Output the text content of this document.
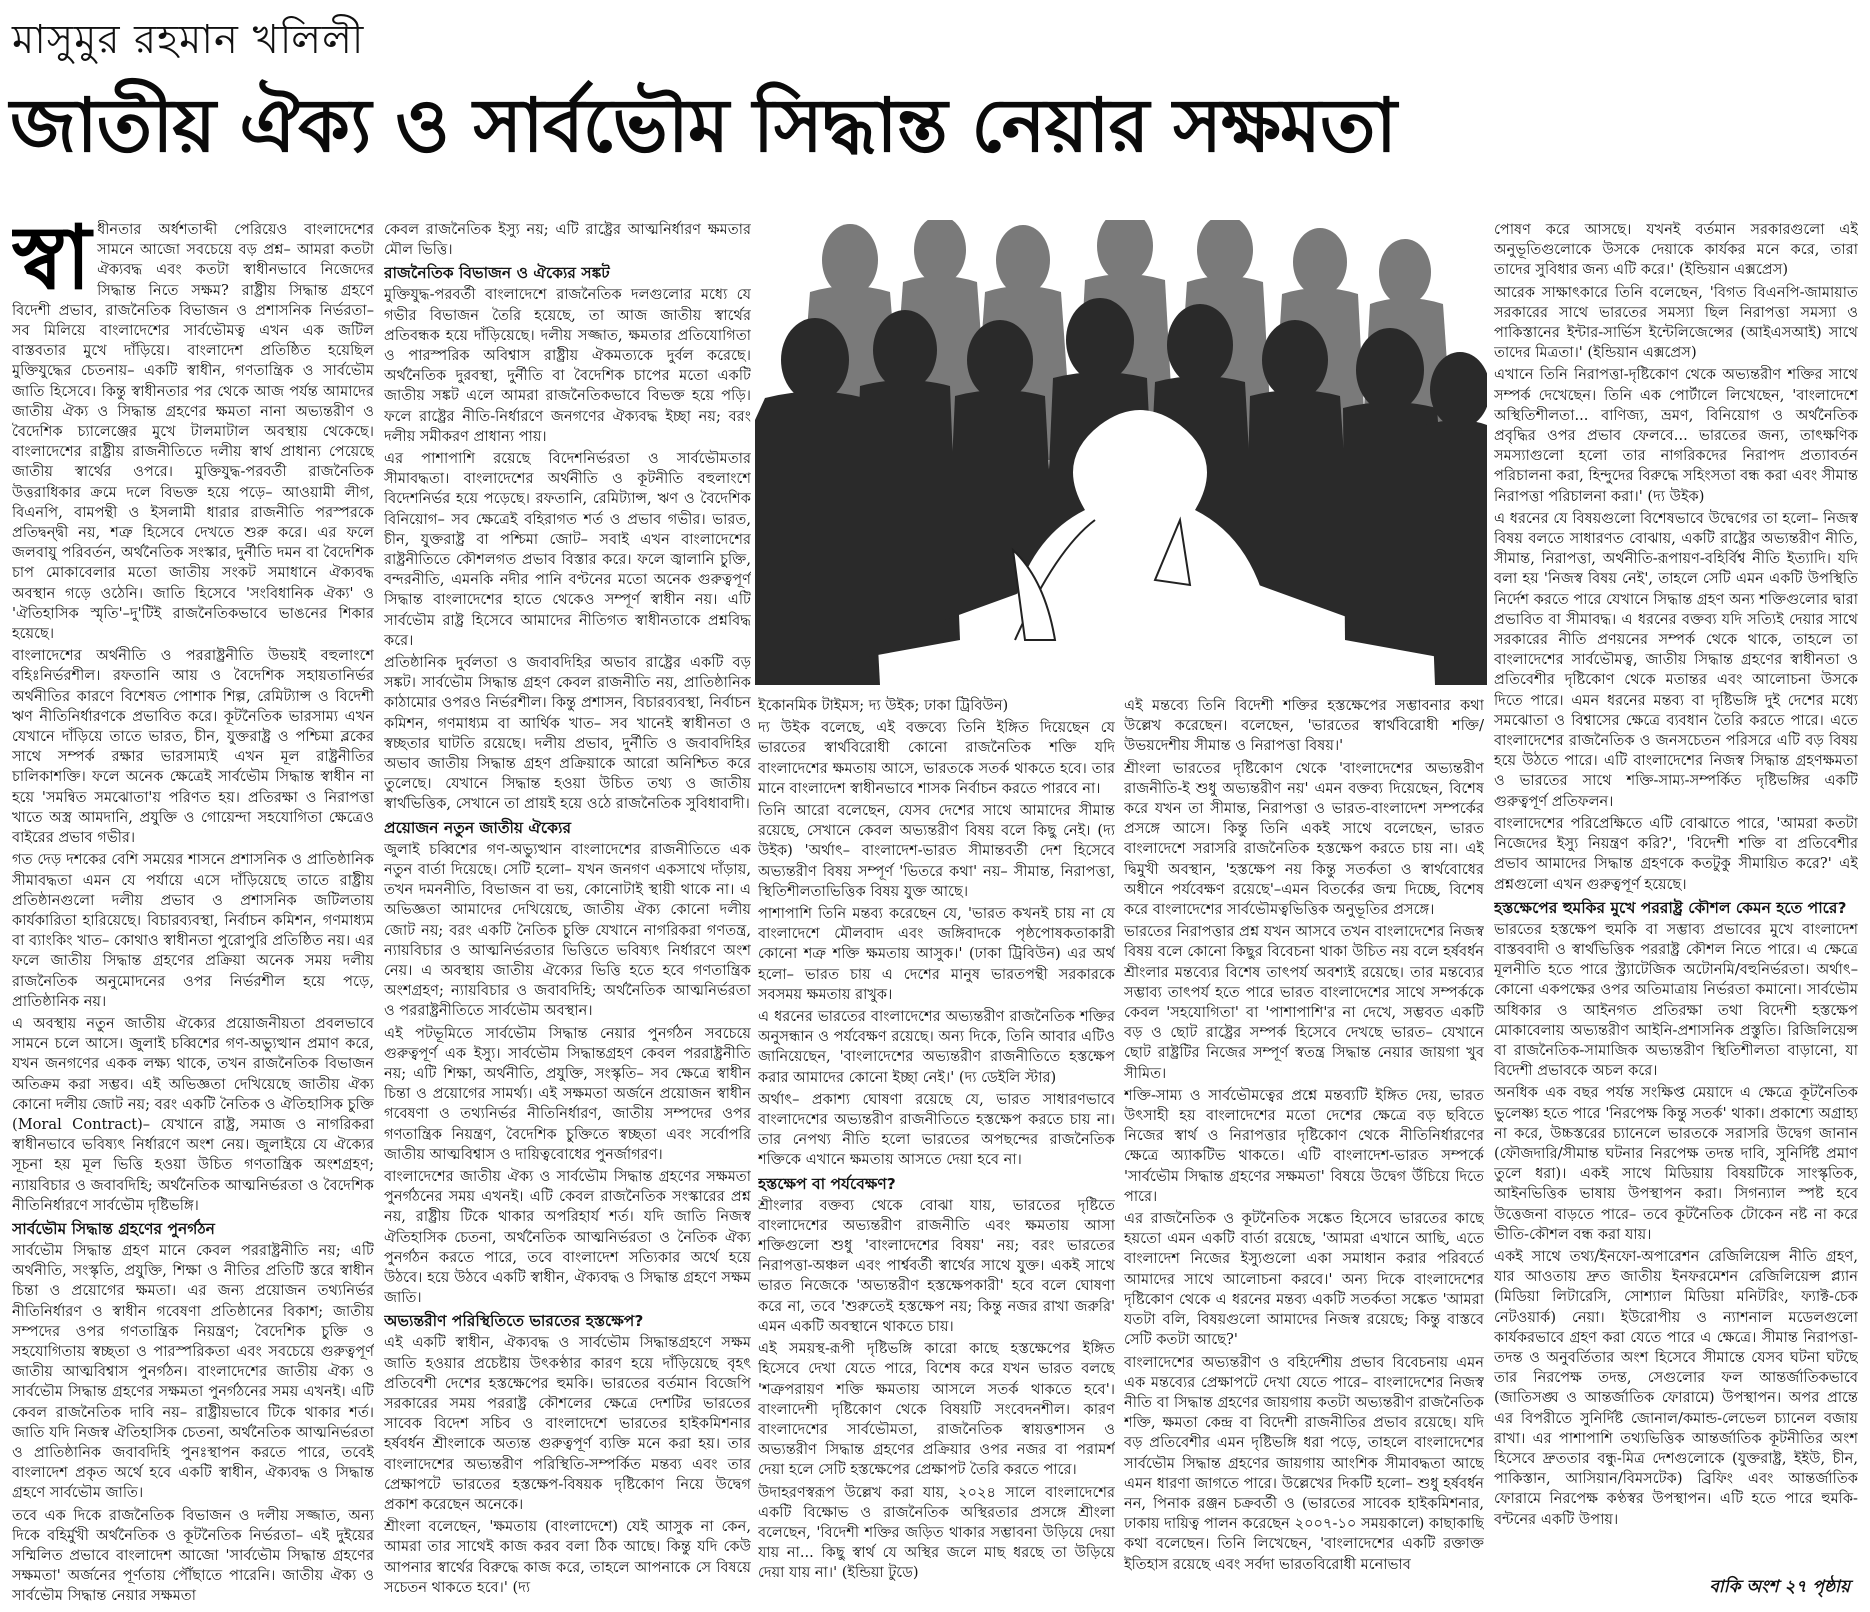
মাসুমুর রহমান খলিলী
জাতীয় ঐক্য ও সার্বভৌম সিদ্ধান্ত নেয়ার সক্ষমতা
স্বা ধীনতার অর্ধশতাব্দী পেরিয়েও বাংলাদেশের সামনে আজো সবচেয়ে বড় প্রশ্ন– আমরা কতটা ঐক্যবদ্ধ এবং কতটা স্বাধীনভাবে নিজেদের সিদ্ধান্ত নিতে সক্ষম? রাষ্ট্রীয় সিদ্ধান্ত গ্রহণে বিদেশী প্রভাব, রাজনৈতিক বিভাজন ও প্রশাসনিক নির্ভরতা– সব মিলিয়ে বাংলাদেশের সার্বভৌমত্ব এখন এক জটিল বাস্তবতার মুখে দাঁড়িয়ে। বাংলাদেশ প্রতিষ্ঠিত হয়েছিল মুক্তিযুদ্ধের চেতনায়– একটি স্বাধীন, গণতান্ত্রিক ও সার্বভৌম জাতি হিসেবে। কিন্তু স্বাধীনতার পর থেকে আজ পর্যন্ত আমাদের জাতীয় ঐক্য ও সিদ্ধান্ত গ্রহণের ক্ষমতা নানা অভ্যন্তরীণ ও বৈদেশিক চ্যালেঞ্জের মুখে টালমাটাল অবস্থায় থেকেছে। বাংলাদেশের রাষ্ট্রীয় রাজনীতিতে দলীয় স্বার্থ প্রাধান্য পেয়েছে জাতীয় স্বার্থের ওপরে। মুক্তিযুদ্ধ-পরবর্তী রাজনৈতিক উত্তরাধিকার ক্রমে দলে বিভক্ত হয়ে পড়ে– আওয়ামী লীগ, বিএনপি, বামপন্থী ও ইসলামী ধারার রাজনীতি পরস্পরকে প্রতিদ্বন্দ্বী নয়, শত্রু হিসেবে দেখতে শুরু করে। এর ফলে জলবায়ু পরিবর্তন, অর্থনৈতিক সংস্কার, দুর্নীতি দমন বা বৈদেশিক চাপ মোকাবেলার মতো জাতীয় সংকট সমাধানে ঐক্যবদ্ধ অবস্থান গড়ে ওঠেনি। জাতি হিসেবে 'সংবিধানিক ঐক্য' ও 'ঐতিহাসিক স্মৃতি'–দু'টিই রাজনৈতিকভাবে ভাঙনের শিকার হয়েছে।

বাংলাদেশের অর্থনীতি ও পররাষ্ট্রনীতি উভয়ই বহুলাংশে বহিঃনির্ভরশীল। রফতানি আয় ও বৈদেশিক সহায়তানির্ভর অর্থনীতির কারণে বিশেষত পোশাক শিল্প, রেমিট্যান্স ও বিদেশী ঋণ নীতিনির্ধারণকে প্রভাবিত করে। কূটনৈতিক ভারসাম্য এখন যেখানে দাঁড়িয়ে তাতে ভারত, চীন, যুক্তরাষ্ট্র ও পশ্চিমা ব্লকের সাথে সম্পর্ক রক্ষার ভারসাম্যই এখন মূল রাষ্ট্রনীতির চালিকাশক্তি। ফলে অনেক ক্ষেত্রেই সার্বভৌম সিদ্ধান্ত স্বাধীন না হয়ে 'সমন্বিত সমঝোতা'য় পরিণত হয়। প্রতিরক্ষা ও নিরাপত্তা খাতে অস্ত্র আমদানি, প্রযুক্তি ও গোয়েন্দা সহযোগিতা ক্ষেত্রেও বাইরের প্রভাব গভীর।

গত দেড় দশকের বেশি সময়ের শাসনে প্রশাসনিক ও প্রাতিষ্ঠানিক সীমাবদ্ধতা এমন যে পর্যায়ে এসে দাঁড়িয়েছে তাতে রাষ্ট্রীয় প্রতিষ্ঠানগুলো দলীয় প্রভাব ও প্রশাসনিক জটিলতায় কার্যকারিতা হারিয়েছে। বিচারব্যবস্থা, নির্বাচন কমিশন, গণমাধ্যম বা ব্যাংকিং খাত– কোথাও স্বাধীনতা পুরোপুরি প্রতিষ্ঠিত নয়। এর ফলে জাতীয় সিদ্ধান্ত গ্রহণের প্রক্রিয়া অনেক সময় দলীয় রাজনৈতিক অনুমোদনের ওপর নির্ভরশীল হয়ে পড়ে, প্রাতিষ্ঠানিক নয়।

এ অবস্থায় নতুন জাতীয় ঐক্যের প্রয়োজনীয়তা প্রবলভাবে সামনে চলে আসে। জুলাই চব্বিশের গণ-অভ্যুত্থান প্রমাণ করে, যখন জনগণের একক লক্ষ্য থাকে, তখন রাজনৈতিক বিভাজন অতিক্রম করা সম্ভব। এই অভিজ্ঞতা দেখিয়েছে জাতীয় ঐক্য কোনো দলীয় জোট নয়; বরং একটি নৈতিক ও ঐতিহাসিক চুক্তি (Moral Contract)– যেখানে রাষ্ট্র, সমাজ ও নাগরিকরা স্বাধীনভাবে ভবিষ্যৎ নির্ধারণে অংশ নেয়। জুলাইয়ে যে ঐক্যের সূচনা হয় মূল ভিত্তি হওয়া উচিত গণতান্ত্রিক অংশগ্রহণ; ন্যায়বিচার ও জবাবদিহি; অর্থনৈতিক আত্মনির্ভরতা ও বৈদেশিক নীতিনির্ধারণে সার্বভৌম দৃষ্টিভঙ্গি।

সার্বভৌম সিদ্ধান্ত গ্রহণের পুনর্গঠন

সার্বভৌম সিদ্ধান্ত গ্রহণ মানে কেবল পররাষ্ট্রনীতি নয়; এটি অর্থনীতি, সংস্কৃতি, প্রযুক্তি, শিক্ষা ও নীতির প্রতিটি স্তরে স্বাধীন চিন্তা ও প্রয়োগের ক্ষমতা। এর জন্য প্রয়োজন তথ্যনির্ভর নীতিনির্ধারণ ও স্বাধীন গবেষণা প্রতিষ্ঠানের বিকাশ; জাতীয় সম্পদের ওপর গণতান্ত্রিক নিয়ন্ত্রণ; বৈদেশিক চুক্তি ও সহযোগিতায় স্বচ্ছতা ও পারস্পরিকতা এবং সবচেয়ে গুরুত্বপূর্ণ জাতীয় আত্মবিশ্বাস পুনর্গঠন। বাংলাদেশের জাতীয় ঐক্য ও সার্বভৌম সিদ্ধান্ত গ্রহণের সক্ষমতা পুনর্গঠনের সময় এখনই। এটি কেবল রাজনৈতিক দাবি নয়– রাষ্ট্রীয়ভাবে টিকে থাকার শর্ত। জাতি যদি নিজস্ব ঐতিহাসিক চেতনা, অর্থনৈতিক আত্মনির্ভরতা ও প্রাতিষ্ঠানিক জবাবদিহি পুনঃস্থাপন করতে পারে, তবেই বাংলাদেশ প্রকৃত অর্থে হবে একটি স্বাধীন, ঐক্যবদ্ধ ও সিদ্ধান্ত গ্রহণে সার্বভৌম জাতি।

তবে এক দিকে রাজনৈতিক বিভাজন ও দলীয় সজ্জাত, অন্য দিকে বহির্মুখী অর্থনৈতিক ও কূটনৈতিক নির্ভরতা– এই দুইয়ের সম্মিলিত প্রভাবে বাংলাদেশ আজো 'সার্বভৌম সিদ্ধান্ত গ্রহণের সক্ষমতা' অর্জনের পূর্ণতায় পৌঁছাতে পারেনি। জাতীয় ঐক্য ও সার্বভৌম সিদ্ধান্ত নেয়ার সক্ষমতা

কেবল রাজনৈতিক ইস্যু নয়; এটি রাষ্ট্রের আত্মনির্ধারণ ক্ষমতার মৌল ভিত্তি।

রাজনৈতিক বিভাজন ও ঐক্যের সঙ্কট

মুক্তিযুদ্ধ-পরবর্তী বাংলাদেশে রাজনৈতিক দলগুলোর মধ্যে যে গভীর বিভাজন তৈরি হয়েছে, তা আজ জাতীয় স্বার্থের প্রতিবন্ধক হয়ে দাঁড়িয়েছে। দলীয় সজ্জাত, ক্ষমতার প্রতিযোগিতা ও পারস্পরিক অবিশ্বাস রাষ্ট্রীয় ঐকমত্যকে দুর্বল করেছে। অর্থনৈতিক দুরবস্থা, দুর্নীতি বা বৈদেশিক চাপের মতো একটি জাতীয় সঙ্কট এলে আমরা রাজনৈতিকভাবে বিভক্ত হয়ে পড়ি। ফলে রাষ্ট্রের নীতি-নির্ধারণে জনগণের ঐক্যবদ্ধ ইচ্ছা নয়; বরং দলীয় সমীকরণ প্রাধান্য পায়।

এর পাশাপাশি রয়েছে বিদেশনির্ভরতা ও সার্বভৌমতার সীমাবদ্ধতা। বাংলাদেশের অর্থনীতি ও কূটনীতি বহুলাংশে বিদেশনির্ভর হয়ে পড়েছে। রফতানি, রেমিট্যান্স, ঋণ ও বৈদেশিক বিনিয়োগ– সব ক্ষেত্রেই বহিরাগত শর্ত ও প্রভাব গভীর। ভারত, চীন, যুক্তরাষ্ট্র বা পশ্চিমা জোট– সবাই এখন বাংলাদেশের রাষ্ট্রনীতিতে কৌশলগত প্রভাব বিস্তার করে। ফলে জ্বালানি চুক্তি, বন্দরনীতি, এমনকি নদীর পানি বণ্টনের মতো অনেক গুরুত্বপূর্ণ সিদ্ধান্ত বাংলাদেশের হাতে থেকেও সম্পূর্ণ স্বাধীন নয়। এটি সার্বভৌম রাষ্ট্র হিসেবে আমাদের নীতিগত স্বাধীনতাকে প্রশ্নবিদ্ধ করে।

প্রতিষ্ঠানিক দুর্বলতা ও জবাবদিহির অভাব রাষ্ট্রের একটি বড় সঙ্কট। সার্বভৌম সিদ্ধান্ত গ্রহণ কেবল রাজনীতি নয়, প্রাতিষ্ঠানিক কাঠামোর ওপরও নির্ভরশীল। কিন্তু প্রশাসন, বিচারব্যবস্থা, নির্বাচন কমিশন, গণমাধ্যম বা আর্থিক খাত– সব খানেই স্বাধীনতা ও স্বচ্ছতার ঘাটতি রয়েছে। দলীয় প্রভাব, দুর্নীতি ও জবাবদিহির অভাব জাতীয় সিদ্ধান্ত গ্রহণ প্রক্রিয়াকে আরো অনিশ্চিত করে তুলেছে। যেখানে সিদ্ধান্ত হওয়া উচিত তথ্য ও জাতীয় স্বার্থভিত্তিক, সেখানে তা প্রায়ই হয়ে ওঠে রাজনৈতিক সুবিধাবাদী।

প্রয়োজন নতুন জাতীয় ঐক্যের

জুলাই চব্বিশের গণ-অভ্যুত্থান বাংলাদেশের রাজনীতিতে এক নতুন বার্তা দিয়েছে। সেটি হলো– যখন জনগণ একসাথে দাঁড়ায়, তখন দমননীতি, বিভাজন বা ভয়, কোনোটাই স্থায়ী থাকে না। এ অভিজ্ঞতা আমাদের দেখিয়েছে, জাতীয় ঐক্য কোনো দলীয় জোট নয়; বরং একটি নৈতিক চুক্তি যেখানে নাগরিকরা গণতন্ত্র, ন্যায়বিচার ও আত্মনির্ভরতার ভিত্তিতে ভবিষ্যৎ নির্ধারণে অংশ নেয়। এ অবস্থায় জাতীয় ঐক্যের ভিত্তি হতে হবে গণতান্ত্রিক অংশগ্রহণ; ন্যায়বিচার ও জবাবদিহি; অর্থনৈতিক আত্মনির্ভরতা ও পররাষ্ট্রনীতিতে সার্বভৌম অবস্থান।

এই পটভূমিতে সার্বভৌম সিদ্ধান্ত নেয়ার পুনর্গঠন সবচেয়ে গুরুত্বপূর্ণ এক ইস্যু। সার্বভৌম সিদ্ধান্তগ্রহণ কেবল পররাষ্ট্রনীতি নয়; এটি শিক্ষা, অর্থনীতি, প্রযুক্তি, সংস্কৃতি– সব ক্ষেত্রে স্বাধীন চিন্তা ও প্রয়োগের সামর্থ্য। এই সক্ষমতা অর্জনে প্রয়োজন স্বাধীন গবেষণা ও তথ্যনির্ভর নীতিনির্ধারণ, জাতীয় সম্পদের ওপর গণতান্ত্রিক নিয়ন্ত্রণ, বৈদেশিক চুক্তিতে স্বচ্ছতা এবং সর্বোপরি জাতীয় আত্মবিশ্বাস ও দায়িত্ববোধের পুনর্জাগরণ।

বাংলাদেশের জাতীয় ঐক্য ও সার্বভৌম সিদ্ধান্ত গ্রহণের সক্ষমতা পুনর্গঠনের সময় এখনই। এটি কেবল রাজনৈতিক সংস্কারের প্রশ্ন নয়, রাষ্ট্রীয় টিকে থাকার অপরিহার্য শর্ত। যদি জাতি নিজস্ব ঐতিহাসিক চেতনা, অর্থনৈতিক আত্মনির্ভরতা ও নৈতিক ঐক্য পুনর্গঠন করতে পারে, তবে বাংলাদেশ সত্যিকার অর্থে হয়ে উঠবে। হয়ে উঠবে একটি স্বাধীন, ঐক্যবদ্ধ ও সিদ্ধান্ত গ্রহণে সক্ষম জাতি।

অভ্যন্তরীণ পরিস্থিতিতে ভারতের হস্তক্ষেপ?

এই একটি স্বাধীন, ঐক্যবদ্ধ ও সার্বভৌম সিদ্ধান্তগ্রহণে সক্ষম জাতি হওয়ার প্রচেষ্টায় উৎকণ্ঠার কারণ হয়ে দাঁড়িয়েছে বৃহৎ প্রতিবেশী দেশের হস্তক্ষেপের হুমকি। ভারতের বর্তমান বিজেপি সরকারের সময় পররাষ্ট্র কৌশলের ক্ষেত্রে দেশটির ভারতের সাবেক বিদেশ সচিব ও বাংলাদেশে ভারতের হাইকমিশনার হর্ষবর্ধন শ্রীংলাকে অত্যন্ত গুরুত্বপূর্ণ ব্যক্তি মনে করা হয়। তার বাংলাদেশের অভ্যন্তরীণ পরিস্থিতি-সম্পর্কিত মন্তব্য এবং তার প্রেক্ষাপটে ভারতের হস্তক্ষেপ-বিষয়ক দৃষ্টিকোণ নিয়ে উদ্বেগ প্রকাশ করেছেন অনেকে।

শ্রীংলা বলেছেন, 'ক্ষমতায় (বাংলাদেশে) যেই আসুক না কেন, আমরা তার সাথেই কাজ করব বলা ঠিক আছে। কিন্তু যদি কেউ আপনার স্বার্থের বিরুদ্ধে কাজ করে, তাহলে আপনাকে সে বিষয়ে সচেতন থাকতে হবে।' (দ্য

ইকোনমিক টাইমস; দ্য উইক; ঢাকা ট্রিবিউন)

দ্য উইক বলেছে, এই বক্তব্যে তিনি ইঙ্গিত দিয়েছেন যে ভারতের স্বার্থবিরোধী কোনো রাজনৈতিক শক্তি যদি বাংলাদেশের ক্ষমতায় আসে, ভারতকে সতর্ক থাকতে হবে। তার মানে বাংলাদেশ স্বাধীনভাবে শাসক নির্বাচন করতে পারবে না।

তিনি আরো বলেছেন, যেসব দেশের সাথে আমাদের সীমান্ত রয়েছে, সেখানে কেবল অভ্যন্তরীণ বিষয় বলে কিছু নেই। (দ্য উইক) 'অর্থাৎ– বাংলাদেশ-ভারত সীমান্তবর্তী দেশ হিসেবে অভ্যন্তরীণ বিষয় সম্পূর্ণ 'ভিতরে কথা' নয়– সীমান্ত, নিরাপত্তা, স্থিতিশীলতাভিত্তিক বিষয় যুক্ত আছে।

পাশাপাশি তিনি মন্তব্য করেছেন যে, 'ভারত কখনই চায় না যে বাংলাদেশে মৌলবাদ এবং জঙ্গিবাদকে পৃষ্ঠপোষকতাকারী কোনো শত্রু শক্তি ক্ষমতায় আসুক।' (ঢাকা ট্রিবিউন) এর অর্থ হলো– ভারত চায় এ দেশের মানুষ ভারতপন্থী সরকারকে সবসময় ক্ষমতায় রাখুক।

এ ধরনের ভারতের বাংলাদেশের অভ্যন্তরীণ রাজনৈতিক শক্তির অনুসন্ধান ও পর্যবেক্ষণ রয়েছে। অন্য দিকে, তিনি আবার এটিও জানিয়েছেন, 'বাংলাদেশের অভ্যন্তরীণ রাজনীতিতে হস্তক্ষেপ করার আমাদের কোনো ইচ্ছা নেই।' (দ্য ডেইলি স্টার)

অর্থাৎ– প্রকাশ্য ঘোষণা রয়েছে যে, ভারত সাধারণভাবে বাংলাদেশের অভ্যন্তরীণ রাজনীতিতে হস্তক্ষেপ করতে চায় না। তার নেপথ্য নীতি হলো ভারতের অপছন্দের রাজনৈতিক শক্তিকে এখানে ক্ষমতায় আসতে দেয়া হবে না।

হস্তক্ষেপ বা পর্যবেক্ষণ?

শ্রীংলার বক্তব্য থেকে বোঝা যায়, ভারতের দৃষ্টিতে বাংলাদেশের অভ্যন্তরীণ রাজনীতি এবং ক্ষমতায় আসা শক্তিগুলো শুধু 'বাংলাদেশের বিষয়' নয়; বরং ভারতের নিরাপত্তা-অঞ্চল এবং পার্শ্ববর্তী স্বার্থের সাথে যুক্ত। একই সাথে ভারত নিজেকে 'অভ্যন্তরীণ হস্তক্ষেপকারী' হবে বলে ঘোষণা করে না, তবে 'শুরুতেই হস্তক্ষেপ নয়; কিন্তু নজর রাখা জরুরি' এমন একটি অবস্থানে থাকতে চায়।

এই সময়স্থ-রূপী দৃষ্টিভঙ্গি কারো কাছে হস্তক্ষেপের ইঙ্গিত হিসেবে দেখা যেতে পারে, বিশেষ করে যখন ভারত বলছে 'শত্রুপরায়ণ শক্তি ক্ষমতায় আসলে সতর্ক থাকতে হবে'। বাংলাদেশী দৃষ্টিকোণ থেকে বিষয়টি সংবেদনশীল। কারণ বাংলাদেশের সার্বভৌমতা, রাজনৈতিক স্বায়ত্তশাসন ও অভ্যন্তরীণ সিদ্ধান্ত গ্রহণের প্রক্রিয়ার ওপর নজর বা পরামর্শ দেয়া হলে সেটি হস্তক্ষেপের প্রেক্ষাপট তৈরি করতে পারে।

উদাহরণস্বরূপ উল্লেখ করা যায়, ২০২৪ সালে বাংলাদেশের একটি বিক্ষোভ ও রাজনৈতিক অস্থিরতার প্রসঙ্গে শ্রীংলা বলেছেন, 'বিদেশী শক্তির জড়িত থাকার সম্ভাবনা উড়িয়ে দেয়া যায় না... কিছু স্বার্থ যে অস্থির জলে মাছ ধরছে তা উড়িয়ে দেয়া যায় না।' (ইন্ডিয়া টুডে)

এই মন্তব্যে তিনি বিদেশী শক্তির হস্তক্ষেপের সম্ভাবনার কথা উল্লেখ করেছেন। বলেছেন, 'ভারতের স্বার্থবিরোধী শক্তি/উভয়দেশীয় সীমান্ত ও নিরাপত্তা বিষয়।'

শ্রীংলা ভারতের দৃষ্টিকোণ থেকে 'বাংলাদেশের অভ্যন্তরীণ রাজনীতি-ই শুধু অভ্যন্তরীণ নয়' এমন বক্তব্য দিয়েছেন, বিশেষ করে যখন তা সীমান্ত, নিরাপত্তা ও ভারত-বাংলাদেশ সম্পর্কের প্রসঙ্গে আসে। কিন্তু তিনি একই সাথে বলেছেন, ভারত বাংলাদেশে সরাসরি রাজনৈতিক হস্তক্ষেপ করতে চায় না। এই দ্বিমুখী অবস্থান, 'হস্তক্ষেপ নয় কিন্তু সতর্কতা ও স্বার্থবোধের অধীনে পর্যবেক্ষণ রয়েছে'–এমন বিতর্কের জন্ম দিচ্ছে, বিশেষ করে বাংলাদেশের সার্বভৌমত্বভিত্তিক অনুভূতির প্রসঙ্গে।

ভারতের নিরাপত্তার প্রশ্ন যখন আসবে তখন বাংলাদেশের নিজস্ব বিষয় বলে কোনো কিছুর বিবেচনা থাকা উচিত নয় বলে হর্ষবর্ধন শ্রীংলার মন্তব্যের বিশেষ তাৎপর্য অবশ্যই রয়েছে। তার মন্তব্যের সম্ভাব্য তাৎপর্য হতে পারে ভারত বাংলাদেশের সাথে সম্পর্ককে কেবল 'সহযোগিতা' বা 'পাশাপাশি'র না দেখে, সম্ভবত একটি বড় ও ছোট রাষ্ট্রের সম্পর্ক হিসেবে দেখছে ভারত– যেখানে ছোট রাষ্ট্রটির নিজের সম্পূর্ণ স্বতন্ত্র সিদ্ধান্ত নেয়ার জায়গা খুব সীমিত।

শক্তি-সাম্য ও সার্বভৌমত্বের প্রশ্নে মন্তব্যটি ইঙ্গিত দেয়, ভারত উৎসাহী হয় বাংলাদেশের মতো দেশের ক্ষেত্রে বড় ছবিতে নিজের স্বার্থ ও নিরাপত্তার দৃষ্টিকোণ থেকে নীতিনির্ধারণের ক্ষেত্রে অ্যাকটিভ থাকতে। এটি বাংলাদেশ-ভারত সম্পর্কে 'সার্বভৌম সিদ্ধান্ত গ্রহণের সক্ষমতা' বিষয়ে উদ্বেগ উঁচিয়ে দিতে পারে।

এর রাজনৈতিক ও কূটনৈতিক সঙ্কেত হিসেবে ভারতের কাছে হয়তো এমন একটি বার্তা রয়েছে, 'আমরা এখানে আছি, এতে বাংলাদেশ নিজের ইস্যুগুলো একা সমাধান করার পরিবর্তে আমাদের সাথে আলোচনা করবে।' অন্য দিকে বাংলাদেশের দৃষ্টিকোণ থেকে এ ধরনের মন্তব্য একটি সতর্কতা সঙ্কেত 'আমরা যতটা বলি, বিষয়গুলো আমাদের নিজস্ব রয়েছে; কিন্তু বাস্তবে সেটি কতটা আছে?'

বাংলাদেশের অভ্যন্তরীণ ও বহির্দেশীয় প্রভাব বিবেচনায় এমন এক মন্তব্যের প্রেক্ষাপটে দেখা যেতে পারে– বাংলাদেশের নিজস্ব নীতি বা সিদ্ধান্ত গ্রহণের জায়গায় কতটা অভ্যন্তরীণ রাজনৈতিক শক্তি, ক্ষমতা কেন্দ্র বা বিদেশী রাজনীতির প্রভাব রয়েছে। যদি বড় প্রতিবেশীর এমন দৃষ্টিভঙ্গি ধরা পড়ে, তাহলে বাংলাদেশের সার্বভৌম সিদ্ধান্ত গ্রহণের জায়গায় আংশিক সীমাবদ্ধতা আছে এমন ধারণা জাগতে পারে। উল্লেখের দিকটি হলো– শুধু হর্ষবর্ধন নন, পিনাক রঞ্জন চক্রবর্তী ও (ভারতের সাবেক হাইকমিশনার, ঢাকায় দায়িত্ব পালন করেছেন ২০০৭-১০ সময়কালে) কাছাকাছি কথা বলেছেন। তিনি লিখেছেন, 'বাংলাদেশের একটি রক্তাক্ত ইতিহাস রয়েছে এবং সর্বদা ভারতবিরোধী মনোভাব

পোষণ করে আসছে। যখনই বর্তমান সরকারগুলো এই অনুভূতিগুলোকে উসকে দেয়াকে কার্যকর মনে করে, তারা তাদের সুবিধার জন্য এটি করে।' (ইন্ডিয়ান এক্সপ্রেস)

আরেক সাক্ষাৎকারে তিনি বলেছেন, 'বিগত বিএনপি-জামায়াত সরকারের সাথে ভারতের সমস্যা ছিল নিরাপত্তা সমস্যা ও পাকিস্তানের ইন্টার-সার্ভিস ইন্টেলিজেন্সের (আইএসআই) সাথে তাদের মিত্রতা।' (ইন্ডিয়ান এক্সপ্রেস)

এখানে তিনি নিরাপত্তা-দৃষ্টিকোণ থেকে অভ্যন্তরীণ শক্তির সাথে সম্পর্ক দেখেছেন। তিনি এক পোর্টালে লিখেছেন, 'বাংলাদেশে অস্থিতিশীলতা... বাণিজ্য, ভ্রমণ, বিনিয়োগ ও অর্থনৈতিক প্রবৃদ্ধির ওপর প্রভাব ফেলবে... ভারতের জন্য, তাৎক্ষণিক সমস্যাগুলো হলো তার নাগরিকদের নিরাপদ প্রত্যাবর্তন পরিচালনা করা, হিন্দুদের বিরুদ্ধে সহিংসতা বন্ধ করা এবং সীমান্ত নিরাপত্তা পরিচালনা করা।' (দ্য উইক)

এ ধরনের যে বিষয়গুলো বিশেষভাবে উদ্বেগের তা হলো– নিজস্ব বিষয় বলতে সাধারণত বোঝায়, একটি রাষ্ট্রের অভ্যন্তরীণ নীতি, সীমান্ত, নিরাপত্তা, অর্থনীতি-রূপায়ণ-বহির্বিশ্ব নীতি ইত্যাদি। যদি বলা হয় 'নিজস্ব বিষয় নেই', তাহলে সেটি এমন একটি উপস্থিতি নির্দেশ করতে পারে যেখানে সিদ্ধান্ত গ্রহণ অন্য শক্তিগুলোর দ্বারা প্রভাবিত বা সীমাবদ্ধ। এ ধরনের বক্তব্য যদি সত্যিই দেয়ার সাথে সরকারের নীতি প্রণয়নের সম্পর্ক থেকে থাকে, তাহলে তা বাংলাদেশের সার্বভৌমত্ব, জাতীয় সিদ্ধান্ত গ্রহণের স্বাধীনতা ও প্রতিবেশীর দৃষ্টিকোণ থেকে মতান্তর এবং আলোচনা উসকে দিতে পারে। এমন ধরনের মন্তব্য বা দৃষ্টিভঙ্গি দুই দেশের মধ্যে সমঝোতা ও বিশ্বাসের ক্ষেত্রে ব্যবধান তৈরি করতে পারে। এতে বাংলাদেশের রাজনৈতিক ও জনসচেতন পরিসরে এটি বড় বিষয় হয়ে উঠতে পারে। এটি বাংলাদেশের নিজস্ব সিদ্ধান্ত গ্রহণক্ষমতা ও ভারতের সাথে শক্তি-সাম্য-সম্পর্কিত দৃষ্টিভঙ্গির একটি গুরুত্বপূর্ণ প্রতিফলন।

বাংলাদেশের পরিপ্রেক্ষিতে এটি বোঝাতে পারে, 'আমরা কতটা নিজেদের ইস্যু নিয়ন্ত্রণ করি?', 'বিদেশী শক্তি বা প্রতিবেশীর প্রভাব আমাদের সিদ্ধান্ত গ্রহণকে কতটুকু সীমায়িত করে?' এই প্রশ্নগুলো এখন গুরুত্বপূর্ণ হয়েছে।

হস্তক্ষেপের হুমকির মুখে পররাষ্ট্র কৌশল কেমন হতে পারে?

ভারতের হস্তক্ষেপ হুমকি বা সম্ভাব্য প্রভাবের মুখে বাংলাদেশ বাস্তববাদী ও স্বার্থভিত্তিক পররাষ্ট্র কৌশল নিতে পারে। এ ক্ষেত্রে মূলনীতি হতে পারে স্ট্র্যাটেজিক অটোনমি/বহুনির্ভরতা। অর্থাৎ– কোনো একপক্ষের ওপর অতিমাত্রায় নির্ভরতা কমানো। সার্বভৌম অধিকার ও আইনগত প্রতিরক্ষা তথা বিদেশী হস্তক্ষেপ মোকাবেলায় অভ্যন্তরীণ আইনি-প্রশাসনিক প্রস্তুতি। রিজিলিয়েন্স বা রাজনৈতিক-সামাজিক অভ্যন্তরীণ স্থিতিশীলতা বাড়ানো, যা বিদেশী প্রভাবকে অচল করে।

অনধিক এক বছর পর্যন্ত সংক্ষিপ্ত মেয়াদে এ ক্ষেত্রে কূটনৈতিক ভুলেষ্ণ্য হতে পারে 'নিরপেক্ষ কিন্তু সতর্ক' থাকা। প্রকাশ্যে অগ্রাহ্য না করে, উচ্চস্তরের চ্যানেলে ভারতকে সরাসরি উদ্বেগ জানান (ফৌজদারি/সীমান্ত ঘটনার নিরপেক্ষ তদন্ত দাবি, সুনির্দিষ্ট প্রমাণ তুলে ধরা)। একই সাথে মিডিয়ায় বিষয়টিকে সাংস্কৃতিক, আইনভিত্তিক ভাষায় উপস্থাপন করা। সিগন্যাল স্পষ্ট হবে উত্তেজনা বাড়তে পারে– তবে কূটনৈতিক টোকেন নষ্ট না করে ভীতি-কৌশল বন্ধ করা যায়।

একই সাথে তথ্য/ইনফো-অপারেশন রেজিলিয়েন্স নীতি গ্রহণ, যার আওতায় দ্রুত জাতীয় ইনফরমেশন রেজিলিয়েন্স প্ল্যান (মিডিয়া লিটারেসি, সোশ্যাল মিডিয়া মনিটরিং, ফ্যাক্ট-চেক নেটওয়ার্ক) নেয়া। ইউরোপীয় ও ন্যাশনাল মডেলগুলো কার্যকরভাবে গ্রহণ করা যেতে পারে এ ক্ষেত্রে। সীমান্ত নিরাপত্তা-তদন্ত ও অনুবর্তিতার অংশ হিসেবে সীমান্তে যেসব ঘটনা ঘটছে তার নিরপেক্ষ তদন্ত, সেগুলোর ফল আন্তর্জাতিকভাবে (জাতিসঙ্ঘ ও আন্তর্জাতিক ফোরামে) উপস্থাপন। অপর প্রান্তে এর বিপরীতে সুনির্দিষ্ট জোনাল/কমান্ড-লেভেল চ্যানেল বজায় রাখা। এর পাশাপাশি তথ্যভিত্তিক আন্তর্জাতিক কূটনীতির অংশ হিসেবে দ্রুততার বন্ধু-মিত্র দেশগুলোকে (যুক্তরাষ্ট্র, ইইউ, চীন, পাকিস্তান, আসিয়ান/বিমসটেক) ব্রিফিং এবং আন্তর্জাতিক ফোরামে নিরপেক্ষ কণ্ঠস্বর উপস্থাপন। এটি হতে পারে হুমকি-বন্টনের একটি উপায়।

বাকি অংশ ২৭ পৃষ্ঠায়
